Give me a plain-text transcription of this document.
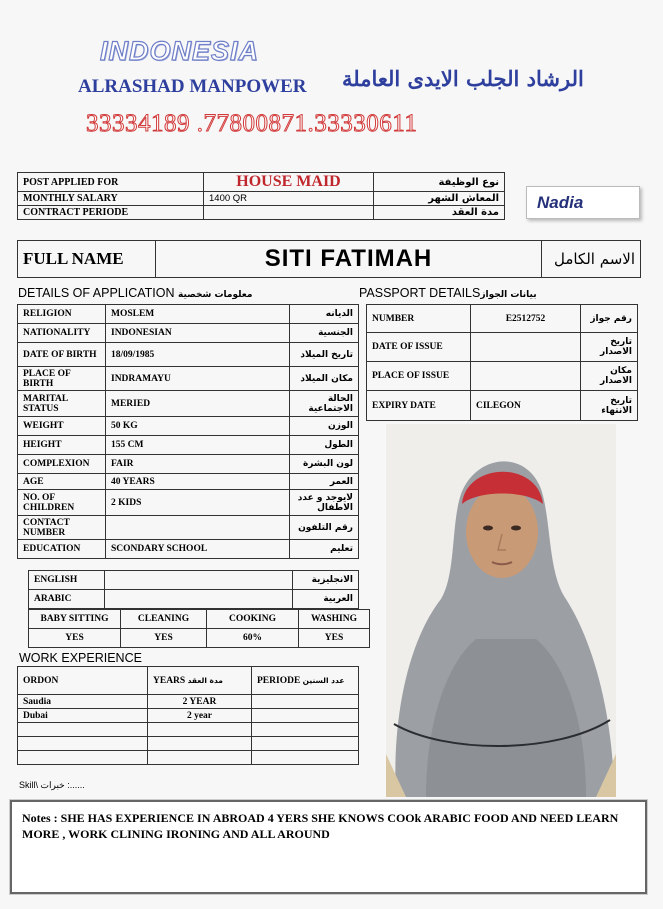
INDONESIA
ALRASHAD MANPOWER الرشاد الجلب الايدى العاملة
33334189 .77800871.33330611
POST APPLIED FOR	HOUSE MAID	نوع الوظيفة
MONTHLY SALARY	1400 QR	المعاش الشهر
CONTRACT PERIODE		مدة العقد
Nadia
FULL NAME	SITI FATIMAH	الاسم الكامل
DETAILS OF APPLICATION معلومات شخصية	PASSPORT DETAILSبيانات الجواز
RELIGION	MOSLEM	الديانه
NATIONALITY	INDONESIAN	الجنسية
DATE OF BIRTH	18/09/1985	تاريخ الميلاد
PLACE OF BIRTH	INDRAMAYU	مكان الميلاد
MARITAL STATUS	MERIED	الحالة الاجتماعية
WEIGHT	50 KG	الوزن
HEIGHT	155 CM	الطول
COMPLEXION	FAIR	لون البشرة
AGE	40 YEARS	العمر
NO. OF CHILDREN	2 KIDS	لايوجد و عدد الاطفال
CONTACT NUMBER		رقم التلفون
EDUCATION	SCONDARY SCHOOL	تعليم
ENGLISH		الانجليزية
ARABIC		العربية
BABY SITTING	CLEANING	COOKING	WASHING
YES	YES	60%	YES
NUMBER	E2512752	رقم جواز
DATE OF ISSUE		تاريخ الاصدار
PLACE OF ISSUE		مكان الاصدار
EXPIRY DATE	CILEGON	تاريخ الانتهاء
WORK EXPERIENCE
ORDON	YEARS مدة العقد	PERIODE عدد السنين
Saudia	2 YEAR	
Dubai	2 year	

Skill\ خبرات :......

Notes : SHE HAS EXPERIENCE IN ABROAD 4 YERS SHE KNOWS COOk ARABIC FOOD AND NEED LEARN MORE , WORK CLINING IRONING AND ALL AROUND
